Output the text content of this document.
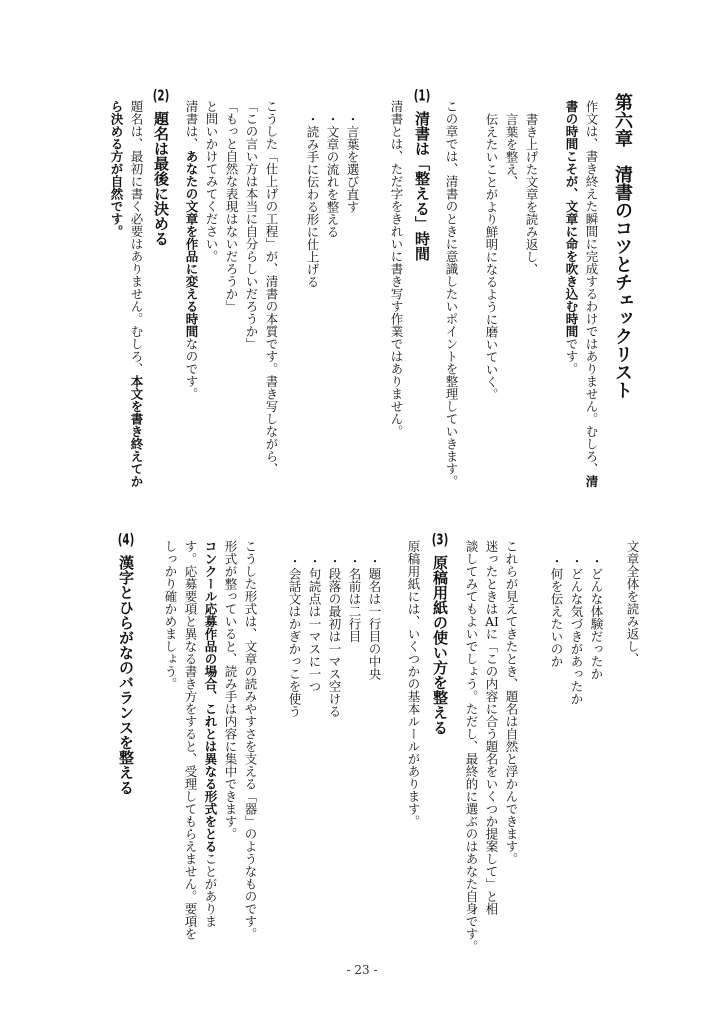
第六章　清書のコツとチェックリスト
作文は、書き終えた瞬間に完成するわけではありません。むしろ、清
書の時間こそが、文章に命を吹き込む時間です。
書き上げた文章を読み返し、
言葉を整え、
伝えたいことがより鮮明になるように磨いていく。
この章では、清書のときに意識したいポイントを整理していきます。
(1)清書は「整える」時間
清書とは、ただ字をきれいに書き写す作業ではありません。
・言葉を選び直す
・文章の流れを整える
・読み手に伝わる形に仕上げる
こうした「仕上げの工程」が、清書の本質です。書き写しながら、
「この言い方は本当に自分らしいだろうか」
「もっと自然な表現はないだろうか」
と問いかけてみてください。
清書は、あなたの文章を作品に変える時間なのです。
(2)題名は最後に決める
題名は、最初に書く必要はありません。むしろ、本文を書き終えてか
ら決める方が自然です。
文章全体を読み返し、
・どんな体験だったか
・どんな気づきがあったか
・何を伝えたいのか
これらが見えてきたとき、題名は自然と浮かんできます。
迷ったときはAIに「この内容に合う題名をいくつか提案して」と相
談してみてもよいでしょう。ただし、最終的に選ぶのはあなた自身です。
(3)原稿用紙の使い方を整える
原稿用紙には、いくつかの基本ルールがあります。
・題名は一行目の中央
・名前は二行目
・段落の最初は一マス空ける
・句読点は一マスに一つ
・会話文はかぎかっこを使う
こうした形式は、文章の読みやすさを支える「器」のようなものです。
形式が整っていると、読み手は内容に集中できます。
コンクール応募作品の場合、これとは異なる形式をとることがありま
す。応募要項と異なる書き方をすると、受理してもらえません。要項を
しっかり確かめましょう。
(4)漢字とひらがなのバランスを整える
- 23 -
